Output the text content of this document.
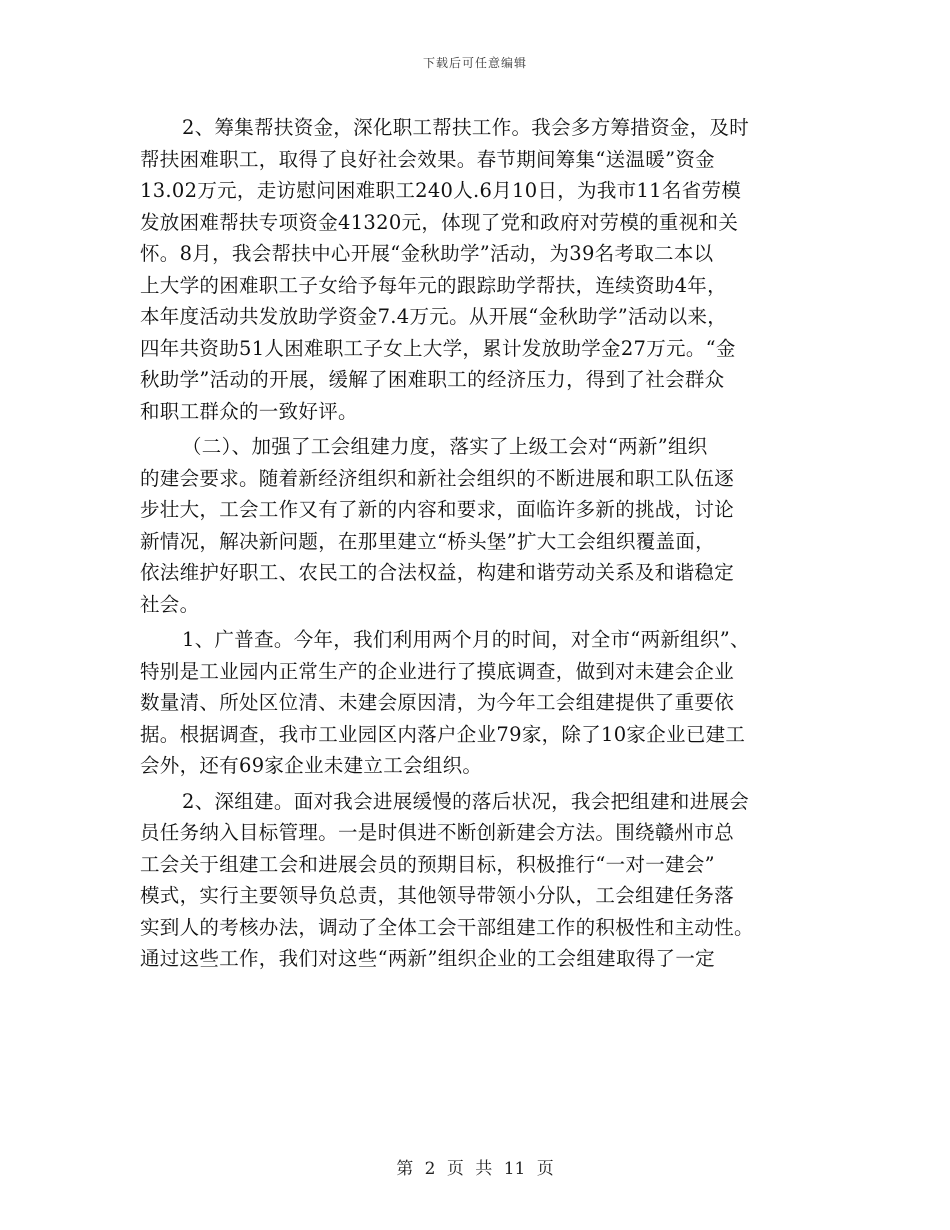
下载后可任意编辑
2、筹集帮扶资金，深化职工帮扶工作。我会多方筹措资金，及时
帮扶困难职工，取得了良好社会效果。春节期间筹集“送温暖”资金
13.02万元，走访慰问困难职工240人.6月10日，为我市11名省劳模
发放困难帮扶专项资金41320元，体现了党和政府对劳模的重视和关
怀。8月，我会帮扶中心开展“金秋助学”活动，为39名考取二本以
上大学的困难职工子女给予每年元的跟踪助学帮扶，连续资助4年，
本年度活动共发放助学资金7.4万元。从开展“金秋助学”活动以来，
四年共资助51人困难职工子女上大学，累计发放助学金27万元。“金
秋助学”活动的开展，缓解了困难职工的经济压力，得到了社会群众
和职工群众的一致好评。
（二）、加强了工会组建力度，落实了上级工会对“两新”组织
的建会要求。随着新经济组织和新社会组织的不断进展和职工队伍逐
步壮大，工会工作又有了新的内容和要求，面临许多新的挑战，讨论
新情况，解决新问题，在那里建立“桥头堡”扩大工会组织覆盖面，
依法维护好职工、农民工的合法权益，构建和谐劳动关系及和谐稳定
社会。
1、广普查。今年，我们利用两个月的时间，对全市“两新组织”、
特别是工业园内正常生产的企业进行了摸底调查，做到对未建会企业
数量清、所处区位清、未建会原因清，为今年工会组建提供了重要依
据。根据调查，我市工业园区内落户企业79家，除了10家企业已建工
会外，还有69家企业未建立工会组织。
2、深组建。面对我会进展缓慢的落后状况，我会把组建和进展会
员任务纳入目标管理。一是时俱进不断创新建会方法。围绕赣州市总
工会关于组建工会和进展会员的预期目标，积极推行“一对一建会”
模式，实行主要领导负总责，其他领导带领小分队，工会组建任务落
实到人的考核办法，调动了全体工会干部组建工作的积极性和主动性。
通过这些工作，我们对这些“两新”组织企业的工会组建取得了一定
第 2 页 共 11 页
